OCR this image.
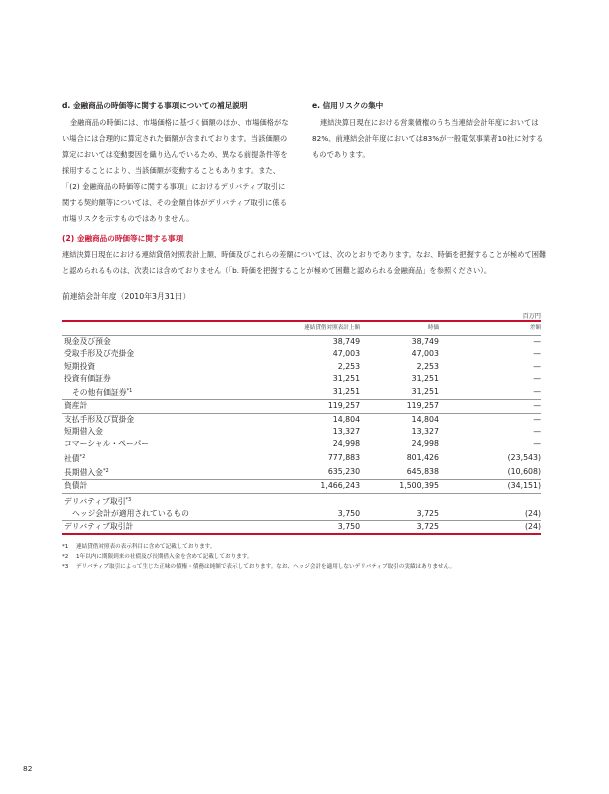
d. 金融商品の時価等に関する事項についての補足説明

金融商品の時価には、市場価格に基づく価額のほか、市場価格がない場合には合理的に算定された価額が含まれております。当該価額の算定においては変動要因を織り込んでいるため、異なる前提条件等を採用することにより、当該価額が変動することもあります。また、「(2) 金融商品の時価等に関する事項」におけるデリバティブ取引に関する契約額等については、その金額自体がデリバティブ取引に係る市場リスクを示すものではありません。

e. 信用リスクの集中

連結決算日現在における営業債権のうち当連結会計年度においては82%、前連結会計年度においては83%が一般電気事業者10社に対するものであります。

(2) 金融商品の時価等に関する事項

連結決算日現在における連結貸借対照表計上額、時価及びこれらの差額については、次のとおりであります。なお、時価を把握することが極めて困難と認められるものは、次表には含めておりません（「b. 時価を把握することが極めて困難と認められる金融商品」を参照ください）。

前連結会計年度（2010年3月31日）
百万円
	連結貸借対照表計上額	時価	差額
現金及び預金	38,749	38,749	—
受取手形及び売掛金	47,003	47,003	—
短期投資	2,253	2,253	—
投資有価証券	31,251	31,251	—
その他有価証券$^{*1}$	31,251	31,251	—
資産計	119,257	119,257	—
支払手形及び買掛金	14,804	14,804	—
短期借入金	13,327	13,327	—
コマーシャル・ペーパー	24,998	24,998	—
社債$^{*2}$	777,883	801,426	(23,543)
長期借入金$^{*2}$	635,230	645,838	(10,608)
負債計	1,466,243	1,500,395	(34,151)
デリバティブ取引$^{*3}$			
ヘッジ会計が適用されているもの	3,750	3,725	(24)
デリバティブ取引計	3,750	3,725	(24)

*1 連結貸借対照表の表示科目に含めて記載しております。

*2 1年以内に期限到来の社債及び長期借入金を含めて記載しております。

*3 デリバティブ取引によって生じた正味の債権・債務は純額で表示しております。なお、ヘッジ会計を適用しないデリバティブ取引の実績はありません。

82
